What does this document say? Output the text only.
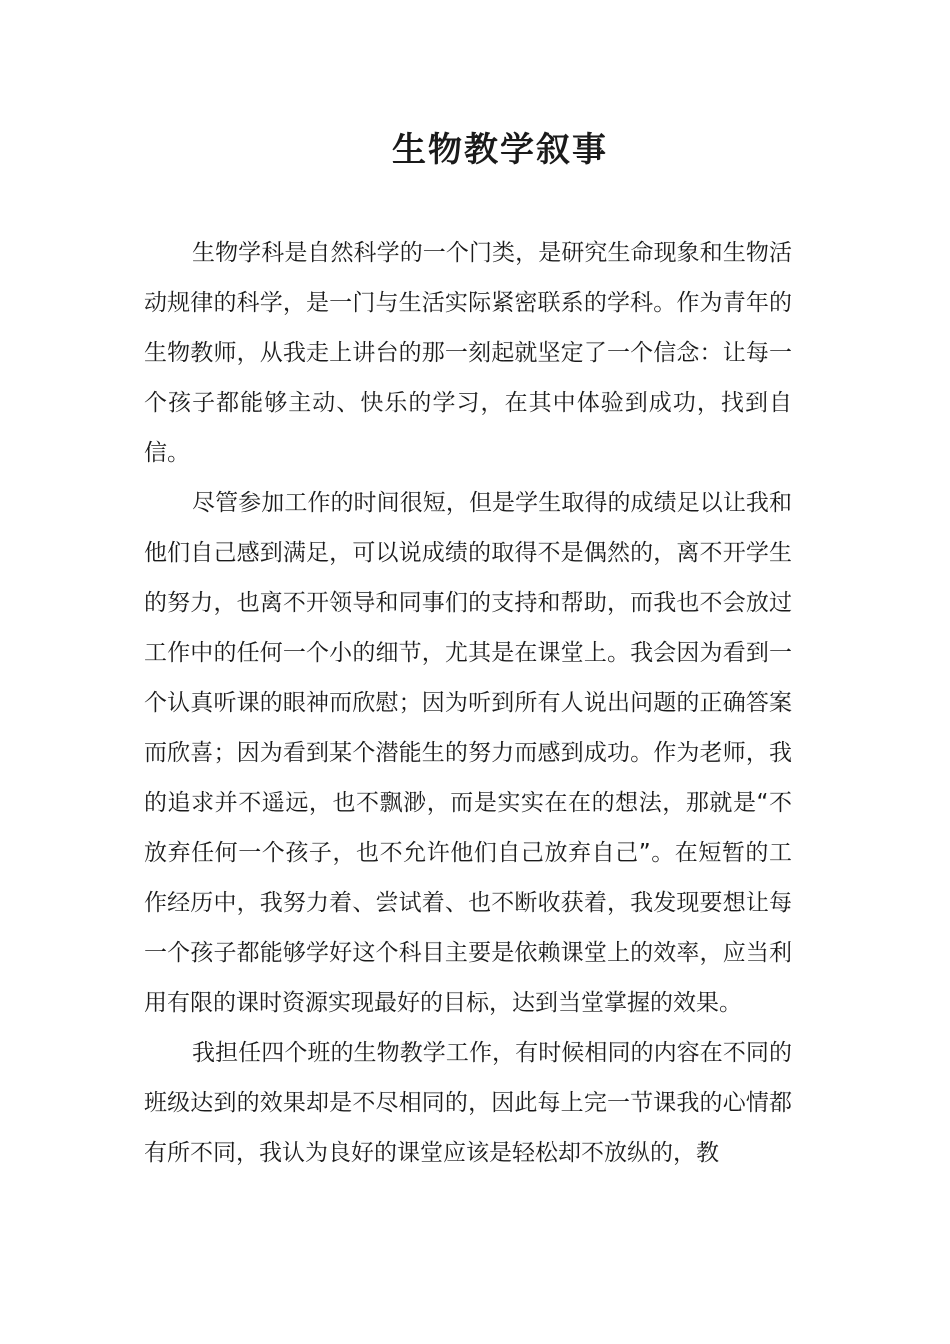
生物教学叙事

生物学科是自然科学的一个门类，是研究生命现象和生物活动规律的科学，是一门与生活实际紧密联系的学科。作为青年的生物教师，从我走上讲台的那一刻起就坚定了一个信念：让每一个孩子都能够主动、快乐的学习，在其中体验到成功，找到自信。

尽管参加工作的时间很短，但是学生取得的成绩足以让我和他们自己感到满足，可以说成绩的取得不是偶然的，离不开学生的努力，也离不开领导和同事们的支持和帮助，而我也不会放过工作中的任何一个小的细节，尤其是在课堂上。我会因为看到一个认真听课的眼神而欣慰；因为听到所有人说出问题的正确答案而欣喜；因为看到某个潜能生的努力而感到成功。作为老师，我的追求并不遥远，也不飘渺，而是实实在在的想法，那就是“不放弃任何一个孩子，也不允许他们自己放弃自己”。在短暂的工作经历中，我努力着、尝试着、也不断收获着，我发现要想让每一个孩子都能够学好这个科目主要是依赖课堂上的效率，应当利用有限的课时资源实现最好的目标，达到当堂掌握的效果。

我担任四个班的生物教学工作，有时候相同的内容在不同的班级达到的效果却是不尽相同的，因此每上完一节课我的心情都有所不同，我认为良好的课堂应该是轻松却不放纵的，教
